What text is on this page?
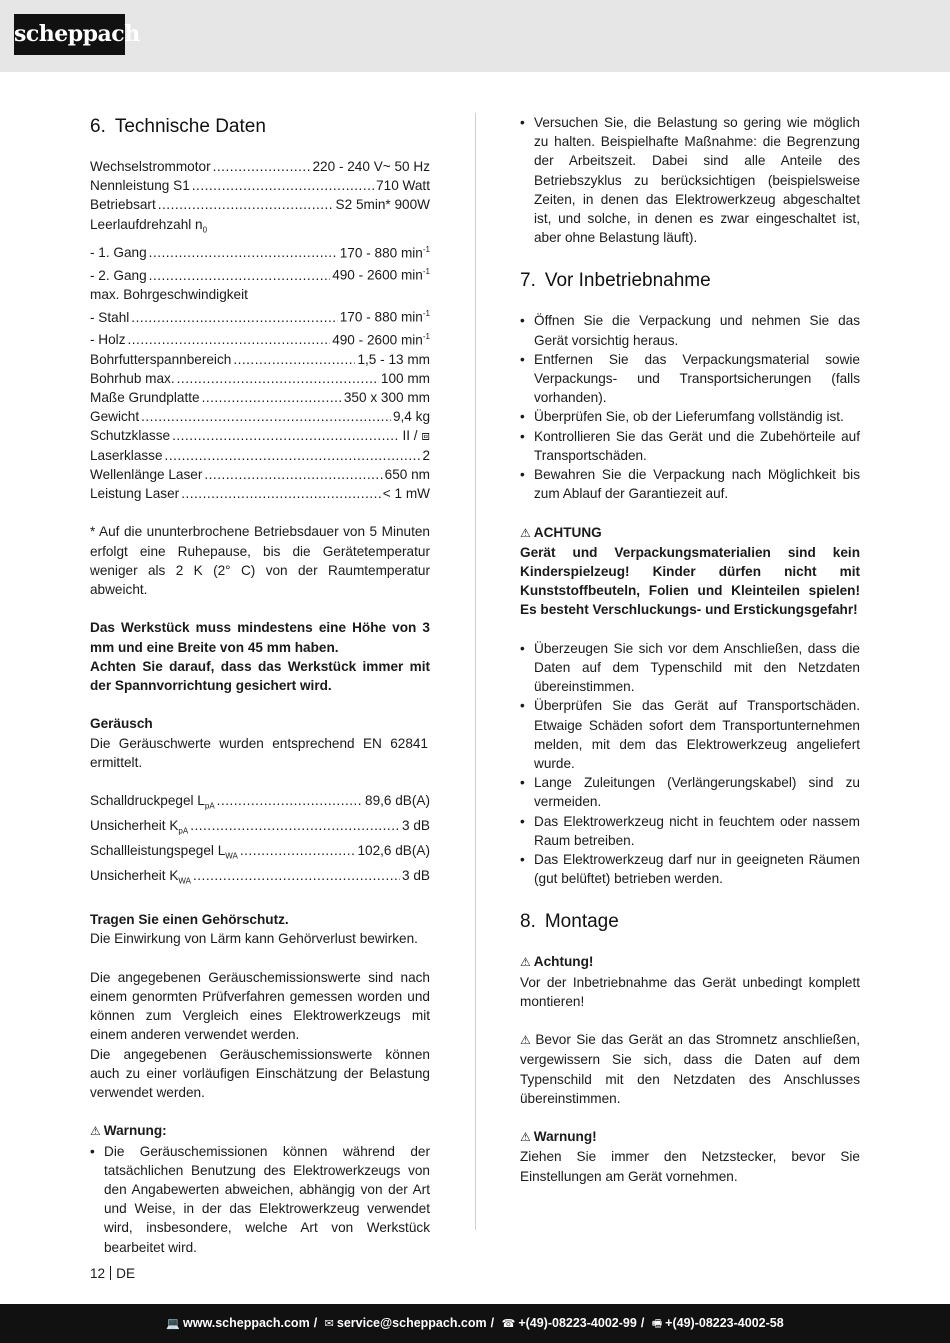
scheppach
6. Technische Daten
Wechselstrommotor .....	220 - 240 V~ 50 Hz
Nennleistung S1 .....	710 Watt
Betriebsart .....	S2 5min* 900W
Leerlaufdrehzahl $n_0$
- 1. Gang .....	170 - 880 $\min^{-1}$
- 2. Gang .....	490 - 2600 $\min^{-1}$
max. Bohrgeschwindigkeit
- Stahl .....	170 - 880 $\min^{-1}$
- Holz .....	490 - 2600 $\min^{-1}$
Bohrfutterspannbereich .....	1,5 - 13 mm
Bohrhub max. .....	100 mm
Maße Grundplatte .....	350 x 300 mm
Gewicht .....	9,4 kg
Schutzklasse .....	II / ⧈
Laserklasse .....	2
Wellenlänge Laser .....	650 nm
Leistung Laser .....	< 1 mW

* Auf die ununterbrochene Betriebsdauer von 5 Minuten erfolgt eine Ruhepause, bis die Gerätetemperatur weniger als 2 K (2° C) von der Raumtemperatur abweicht.

Das Werkstück muss mindestens eine Höhe von 3 mm und eine Breite von 45 mm haben.

Achten Sie darauf, dass das Werkstück immer mit der Spannvorrichtung gesichert wird.

Geräusch

Die Geräuschwerte wurden entsprechend EN 62841 ermittelt.

Schalldruckpegel $L_{pA}$ .....	89,6 dB(A)
Unsicherheit $K_{pA}$ .....	3 dB
Schallleistungspegel $L_{WA}$ .....	102,6 dB(A)
Unsicherheit $K_{WA}$ .....	3 dB

Tragen Sie einen Gehörschutz.

Die Einwirkung von Lärm kann Gehörverlust bewirken.

Die angegebenen Geräuschemissionswerte sind nach einem genormten Prüfverfahren gemessen worden und können zum Vergleich eines Elektrowerkzeugs mit einem anderen verwendet werden.

Die angegebenen Geräuschemissionswerte können auch zu einer vorläufigen Einschätzung der Belastung verwendet werden.

⚠ Warnung:

• Die Geräuschemissionen können während der tatsächlichen Benutzung des Elektrowerkzeugs von den Angabewerten abweichen, abhängig von der Art und Weise, in der das Elektrowerkzeug verwendet wird, insbesondere, welche Art von Werkstück bearbeitet wird.
• Versuchen Sie, die Belastung so gering wie möglich zu halten. Beispielhafte Maßnahme: die Begrenzung der Arbeitszeit. Dabei sind alle Anteile des Betriebszyklus zu berücksichtigen (beispielsweise Zeiten, in denen das Elektrowerkzeug abgeschaltet ist, und solche, in denen es zwar eingeschaltet ist, aber ohne Belastung läuft).
7. Vor Inbetriebnahme
• Öffnen Sie die Verpackung und nehmen Sie das Gerät vorsichtig heraus.
• Entfernen Sie das Verpackungsmaterial sowie Verpackungs- und Transportsicherungen (falls vorhanden).
• Überprüfen Sie, ob der Lieferumfang vollständig ist.
• Kontrollieren Sie das Gerät und die Zubehörteile auf Transportschäden.
• Bewahren Sie die Verpackung nach Möglichkeit bis zum Ablauf der Garantiezeit auf.

⚠ ACHTUNG

Gerät und Verpackungsmaterialien sind kein Kinderspielzeug! Kinder dürfen nicht mit Kunststoffbeuteln, Folien und Kleinteilen spielen! Es besteht Verschluckungs- und Erstickungsgefahr!

• Überzeugen Sie sich vor dem Anschließen, dass die Daten auf dem Typenschild mit den Netzdaten übereinstimmen.
• Überprüfen Sie das Gerät auf Transportschäden. Etwaige Schäden sofort dem Transportunternehmen melden, mit dem das Elektrowerkzeug angeliefert wurde.
• Lange Zuleitungen (Verlängerungskabel) sind zu vermeiden.
• Das Elektrowerkzeug nicht in feuchtem oder nassem Raum betreiben.
• Das Elektrowerkzeug darf nur in geeigneten Räumen (gut belüftet) betrieben werden.
8. Montage

⚠ Achtung!

Vor der Inbetriebnahme das Gerät unbedingt komplett montieren!

⚠ Bevor Sie das Gerät an das Stromnetz anschließen, vergewissern Sie sich, dass die Daten auf dem Typenschild mit den Netzdaten des Anschlusses übereinstimmen.

⚠ Warnung!

Ziehen Sie immer den Netzstecker, bevor Sie Einstellungen am Gerät vornehmen.

12 DE
💻 www.scheppach.com / ✉ service@scheppach.com / ☎ +(49)-08223-4002-99 / 🖷 +(49)-08223-4002-58
